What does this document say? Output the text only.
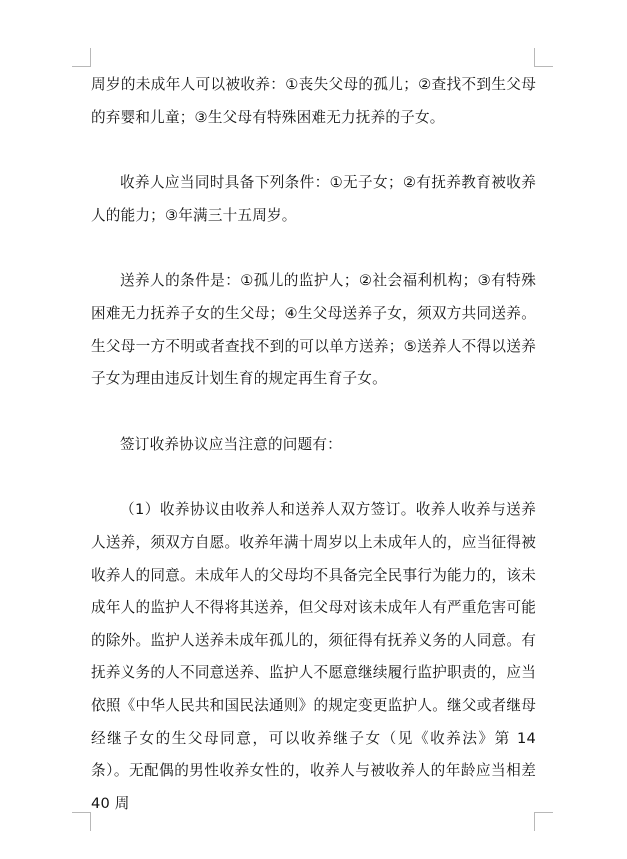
周岁的未成年人可以被收养：①丧失父母的孤儿；②查找不到生父母的弃婴和儿童；③生父母有特殊困难无力抚养的子女。

收养人应当同时具备下列条件：①无子女；②有抚养教育被收养人的能力；③年满三十五周岁。

送养人的条件是：①孤儿的监护人；②社会福利机构；③有特殊困难无力抚养子女的生父母；④生父母送养子女，须双方共同送养。生父母一方不明或者查找不到的可以单方送养；⑤送养人不得以送养子女为理由违反计划生育的规定再生育子女。

签订收养协议应当注意的问题有：

（1）收养协议由收养人和送养人双方签订。收养人收养与送养人送养，须双方自愿。收养年满十周岁以上未成年人的，应当征得被收养人的同意。未成年人的父母均不具备完全民事行为能力的，该未成年人的监护人不得将其送养，但父母对该未成年人有严重危害可能的除外。监护人送养未成年孤儿的，须征得有抚养义务的人同意。有抚养义务的人不同意送养、监护人不愿意继续履行监护职责的，应当依照《中华人民共和国民法通则》的规定变更监护人。继父或者继母经继子女的生父母同意，可以收养继子女（见《收养法》第 14 条）。无配偶的男性收养女性的，收养人与被收养人的年龄应当相差 40 周
